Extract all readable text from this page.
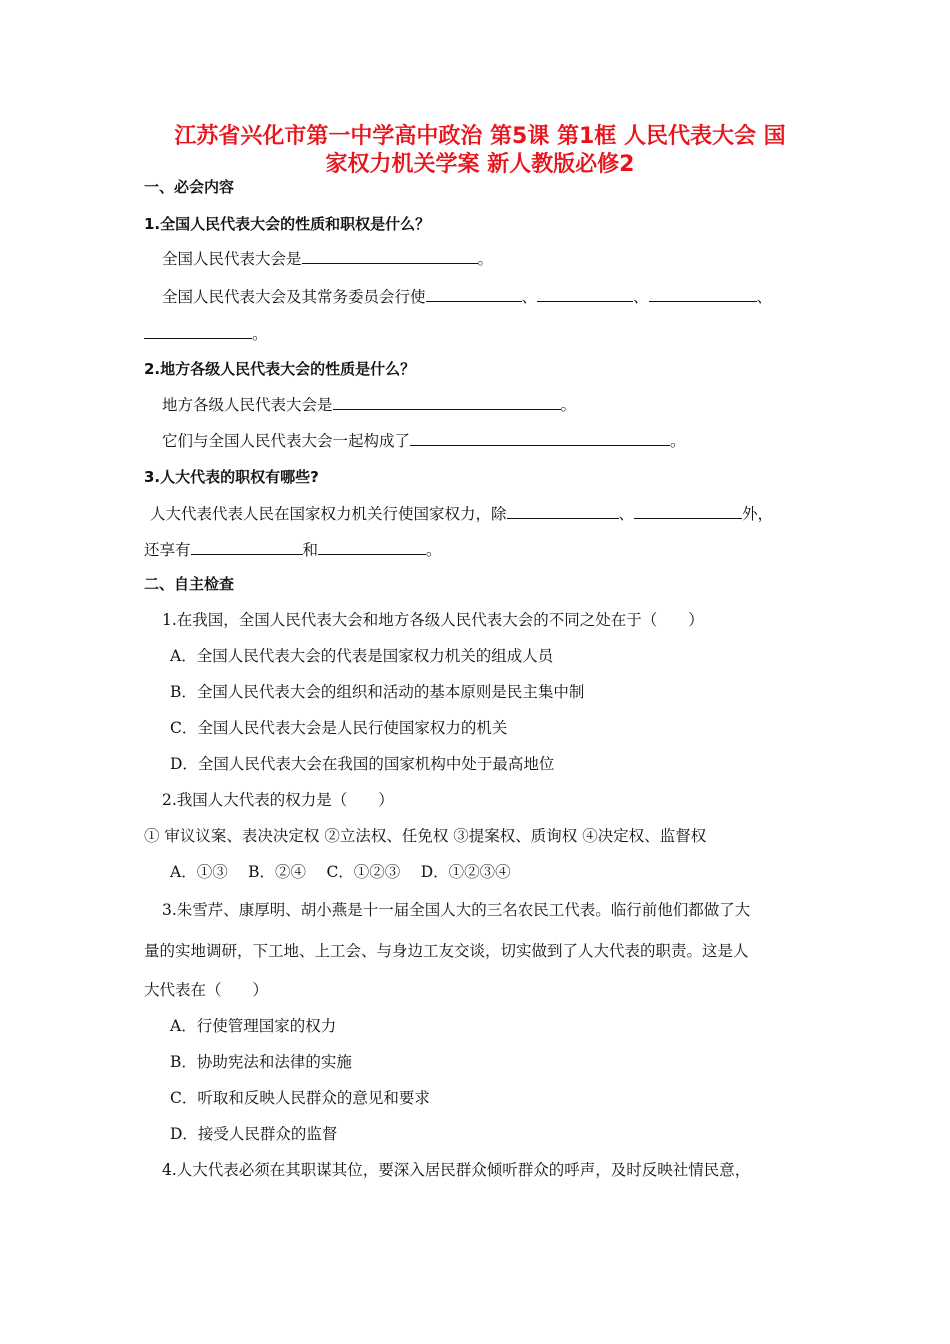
江苏省兴化市第一中学高中政治 第5课 第1框 人民代表大会 国
家权力机关学案 新人教版必修2
一、必会内容
1.全国人民代表大会的性质和职权是什么？
全国人民代表大会是	。
全国人民代表大会及其常务委员会行使	、	、	、
。
2.地方各级人民代表大会的性质是什么？
地方各级人民代表大会是	。
它们与全国人民代表大会一起构成了	。
3.人大代表的职权有哪些?
人大代表代表人民在国家权力机关行使国家权力，除	、	外，
还享有	和	。
二、自主检查
1.在我国，全国人民代表大会和地方各级人民代表大会的不同之处在于（　　）
A．全国人民代表大会的代表是国家权力机关的组成人员
B．全国人民代表大会的组织和活动的基本原则是民主集中制
C．全国人民代表大会是人民行使国家权力的机关
D．全国人民代表大会在我国的国家机构中处于最高地位
2.我国人大代表的权力是（　　）
① 审议议案、表决决定权 ②立法权、任免权 ③提案权、质询权 ④决定权、监督权
A．①③　 B．②④　 C．①②③　 D．①②③④
3.朱雪芹、康厚明、胡小燕是十一届全国人大的三名农民工代表。临行前他们都做了大
量的实地调研，下工地、上工会、与身边工友交谈，切实做到了人大代表的职责。这是人
大代表在（　　）
A．行使管理国家的权力
B．协助宪法和法律的实施
C．听取和反映人民群众的意见和要求
D．接受人民群众的监督
4.人大代表必须在其职谋其位，要深入居民群众倾听群众的呼声，及时反映社情民意，
